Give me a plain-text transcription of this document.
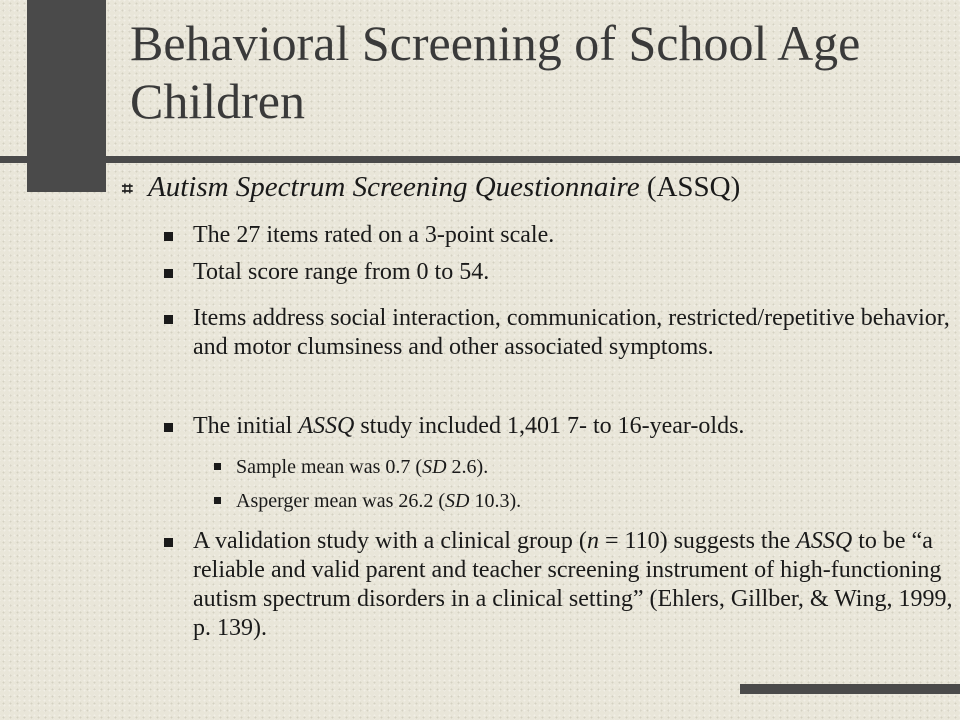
Behavioral Screening of School Age Children
⌗ Autism Spectrum Screening Questionnaire (ASSQ)
The 27 items rated on a 3-point scale.
Total score range from 0 to 54.
Items address social interaction, communication, restricted/repetitive behavior, and motor clumsiness and other associated symptoms.
The initial ASSQ study included 1,401 7- to 16-year-olds.
Sample mean was 0.7 (SD 2.6).
Asperger mean was 26.2 (SD 10.3).
A validation study with a clinical group (n = 110) suggests the ASSQ to be “a reliable and valid parent and teacher screening instrument of high-functioning autism spectrum disorders in a clinical setting” (Ehlers, Gillber, & Wing, 1999, p. 139).
